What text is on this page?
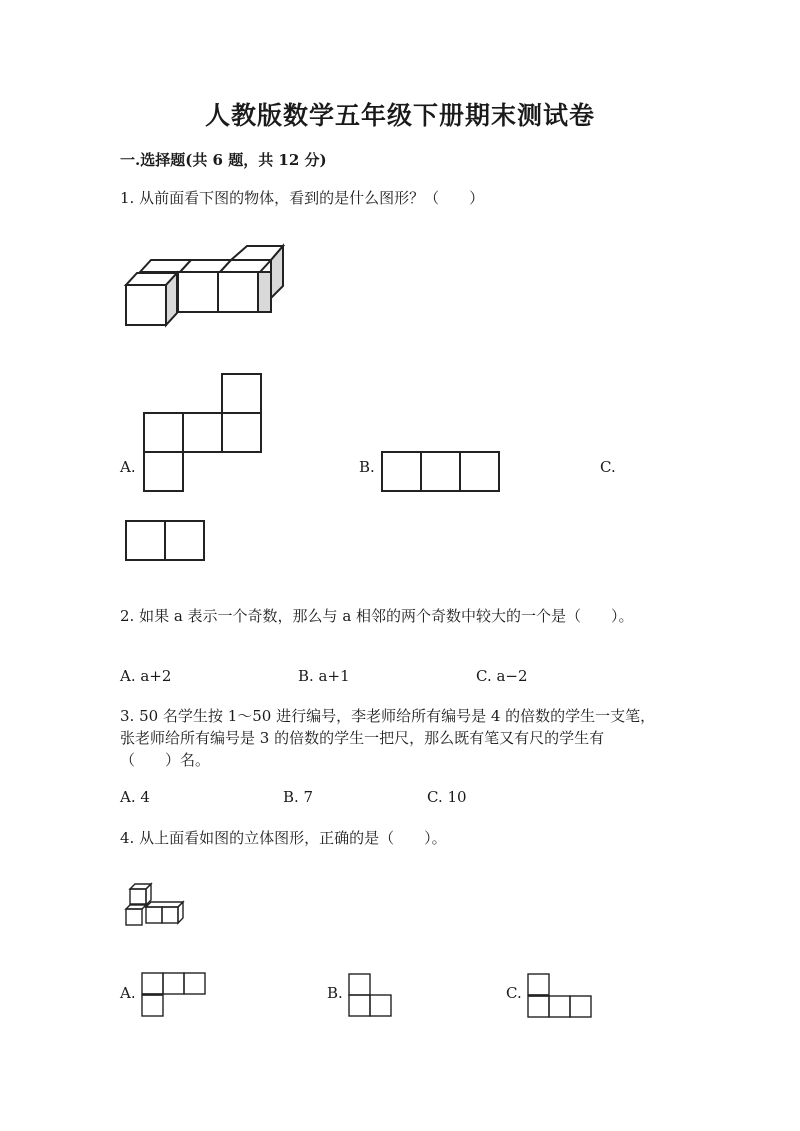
人教版数学五年级下册期末测试卷
一.选择题(共 6 题，共 12 分)
1. 从前面看下图的物体，看到的是什么图形？（　　）
A.	B.	C.
2. 如果 a 表示一个奇数，那么与 a 相邻的两个奇数中较大的一个是（　　）。
A. a+2	B. a+1	C. a−2
3. 50 名学生按 1～50 进行编号，李老师给所有编号是 4 的倍数的学生一支笔，
张老师给所有编号是 3 的倍数的学生一把尺，那么既有笔又有尺的学生有
（　　）名。
A. 4	B. 7	C. 10
4. 从上面看如图的立体图形，正确的是（　　）。
A.	B.	C.
